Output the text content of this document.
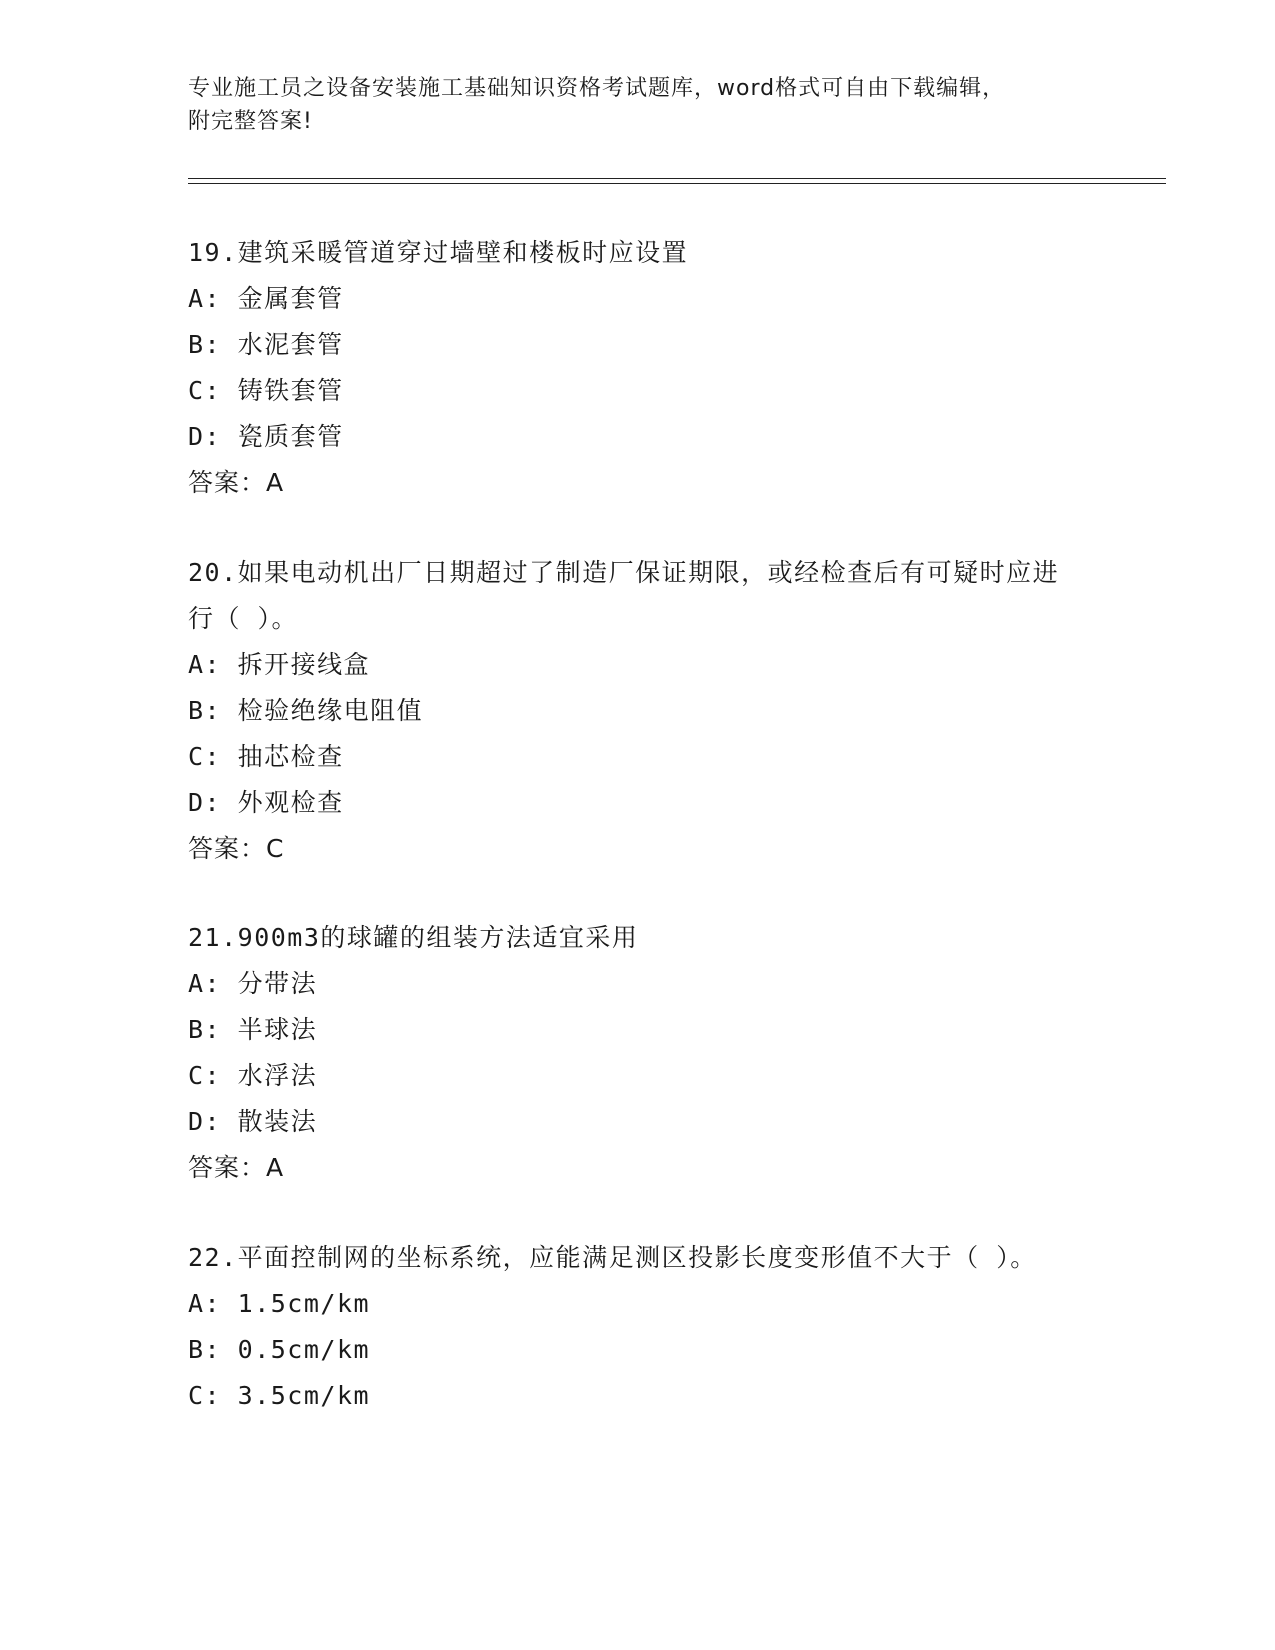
专业施工员之设备安装施工基础知识资格考试题库，word格式可自由下载编辑，
附完整答案!

19.建筑采暖管道穿过墙壁和楼板时应设置

A: 金属套管

B: 水泥套管

C: 铸铁套管

D: 瓷质套管

答案：A

20.如果电动机出厂日期超过了制造厂保证期限，或经检查后有可疑时应进行（ ）。

A: 拆开接线盒

B: 检验绝缘电阻值

C: 抽芯检查

D: 外观检查

答案：C

21.900m3的球罐的组装方法适宜采用

A: 分带法

B: 半球法

C: 水浮法

D: 散装法

答案：A

22.平面控制网的坐标系统，应能满足测区投影长度变形值不大于（ ）。

A: 1.5cm/km

B: 0.5cm/km

C: 3.5cm/km
